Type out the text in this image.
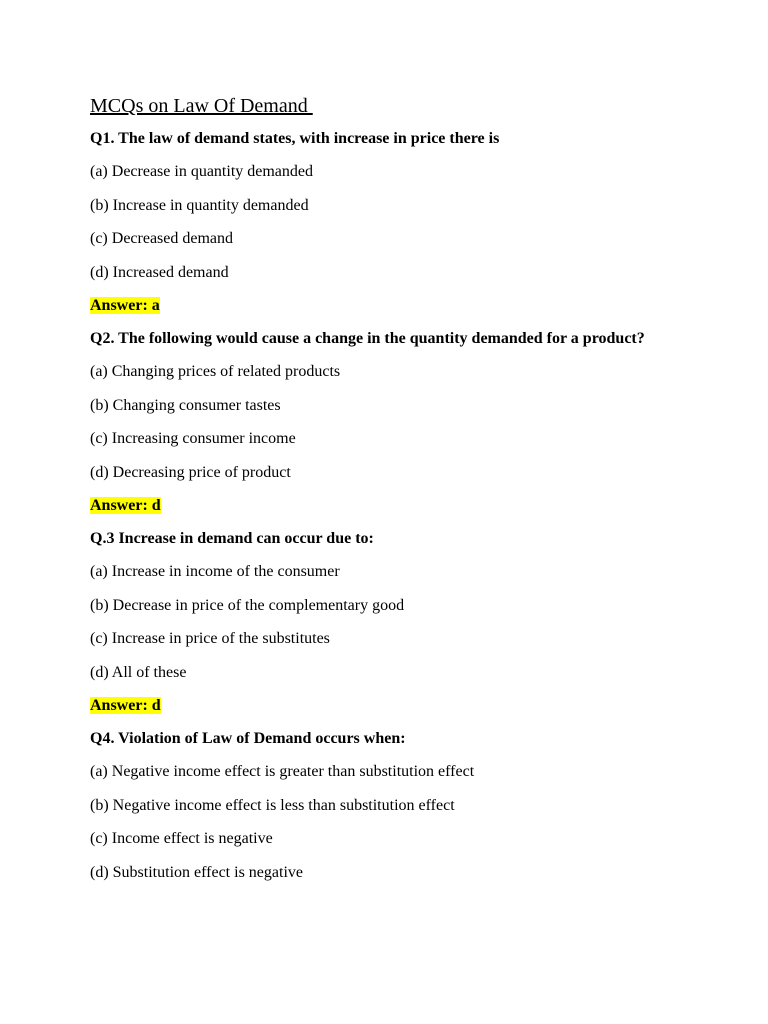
MCQs on Law Of Demand
Q1. The law of demand states, with increase in price there is
(a) Decrease in quantity demanded
(b) Increase in quantity demanded
(c) Decreased demand
(d) Increased demand
Answer: a
Q2. The following would cause a change in the quantity demanded for a product?
(a) Changing prices of related products
(b) Changing consumer tastes
(c) Increasing consumer income
(d) Decreasing price of product
Answer: d
Q.3 Increase in demand can occur due to:
(a) Increase in income of the consumer
(b) Decrease in price of the complementary good
(c) Increase in price of the substitutes
(d) All of these
Answer: d
Q4. Violation of Law of Demand occurs when:
(a) Negative income effect is greater than substitution effect
(b) Negative income effect is less than substitution effect
(c) Income effect is negative
(d) Substitution effect is negative
